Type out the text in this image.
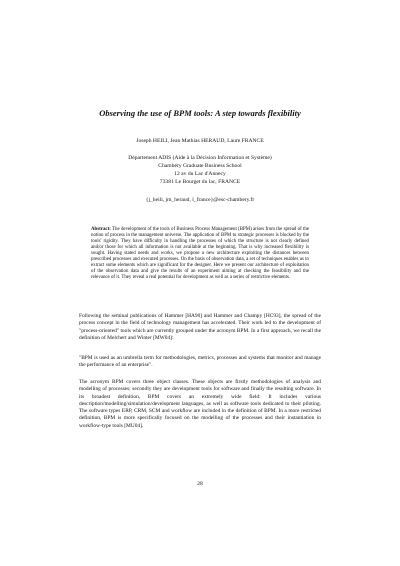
Observing the use of BPM tools: A step towards flexibility
Joseph HEILI, Jean Mathias HERAUD, Laure FRANCE
Département ADIS (Aide à la Décision Information et Système)
Chambéry Graduate Business School
12 av du Lac d'Annecy
73381 Le Bourget du lac, FRANCE
{j_heili, jm_heraud, l_france}@esc-chambery.fr
Abstract: The development of the tools of Business Process Management (BPM) arises from the spread of the notion of process in the management universe. The application of BPM to strategic processes is blocked by the tools' rigidity. They have difficulty in handling the processes of which the structure is not clearly defined and/or those for which all information is not available at the beginning. That is why increased flexibility is sought. Having stated needs and works, we propose a new architecture exploiting the distances between prescribed processes and executed processes. On the basis of observation data, a set of techniques enables us to extract some elements which are significant for the designer. Here we present our architecture of exploitation of the observation data and give the results of an experiment aiming at checking the feasibility and the relevance of it. They reveal a real potential for development as well as a series of restrictive elements.

Following the seminal publications of Hammer [HA90] and Hammer and Champy [HC93], the spread of the process concept in the field of technology management has accelerated. Their work led to the development of "process-oriented" tools which are currently grouped under the acronym BPM. In a first approach, we recall the definition of Melchert and Winter [MW04]:

"BPM is used as an umbrella term for methodologies, metrics, processes and systems that monitor and manage the performance of an enterprise".

The acronym BPM covers three object classes. These objects are firstly methodologies of analysis and modelling of processes; secondly they are development tools for software and finally the resulting software. In its broadest definition, BPM covers an extremely wide field: It includes various description/modelling/simulation/development languages, as well as software tools dedicated to their piloting. The software types ERP, CRM, SCM and workflow are included in the definition of BPM. In a more restricted definition, BPM is more specifically focused on the modelling of the processes and their instantiation in workflow-type tools [MU04].

28
